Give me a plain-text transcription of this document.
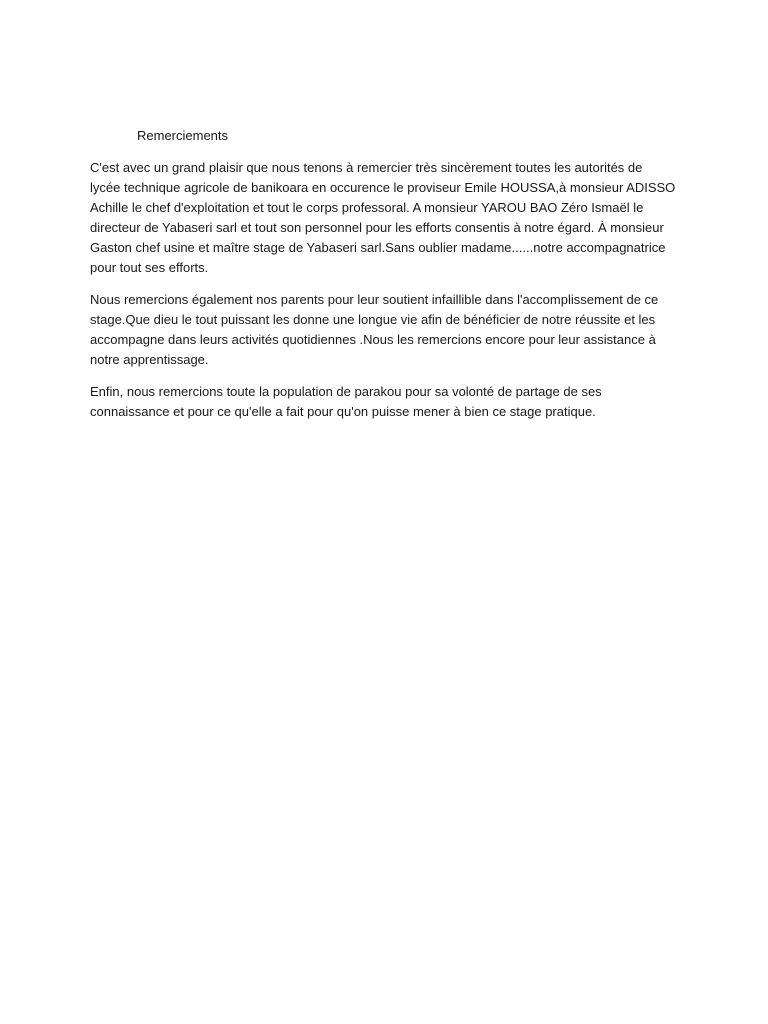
Remerciements

C'est avec un grand plaisir que nous tenons à remercier très sincèrement toutes les autorités de lycée technique agricole de banikoara en occurence le proviseur Emile HOUSSA,à monsieur ADISSO Achille le chef d'exploitation et tout le corps professoral. A monsieur YAROU BAO Zéro Ismaël le directeur de Yabaseri sarl et tout son personnel pour les efforts consentis à notre égard. À monsieur Gaston chef usine et maître stage de Yabaseri sarl.Sans oublier madame......notre accompagnatrice pour tout ses efforts.

Nous remercions également nos parents pour leur soutient infaillible dans l'accomplissement de ce stage.Que dieu le tout puissant les donne une longue vie afin de bénéficier de notre réussite et les accompagne dans leurs activités quotidiennes .Nous les remercions encore pour leur assistance à notre apprentissage.

Enfin, nous remercions toute la population de parakou pour sa volonté de partage de ses connaissance et pour ce qu'elle a fait pour qu'on puisse mener à bien ce stage pratique.
